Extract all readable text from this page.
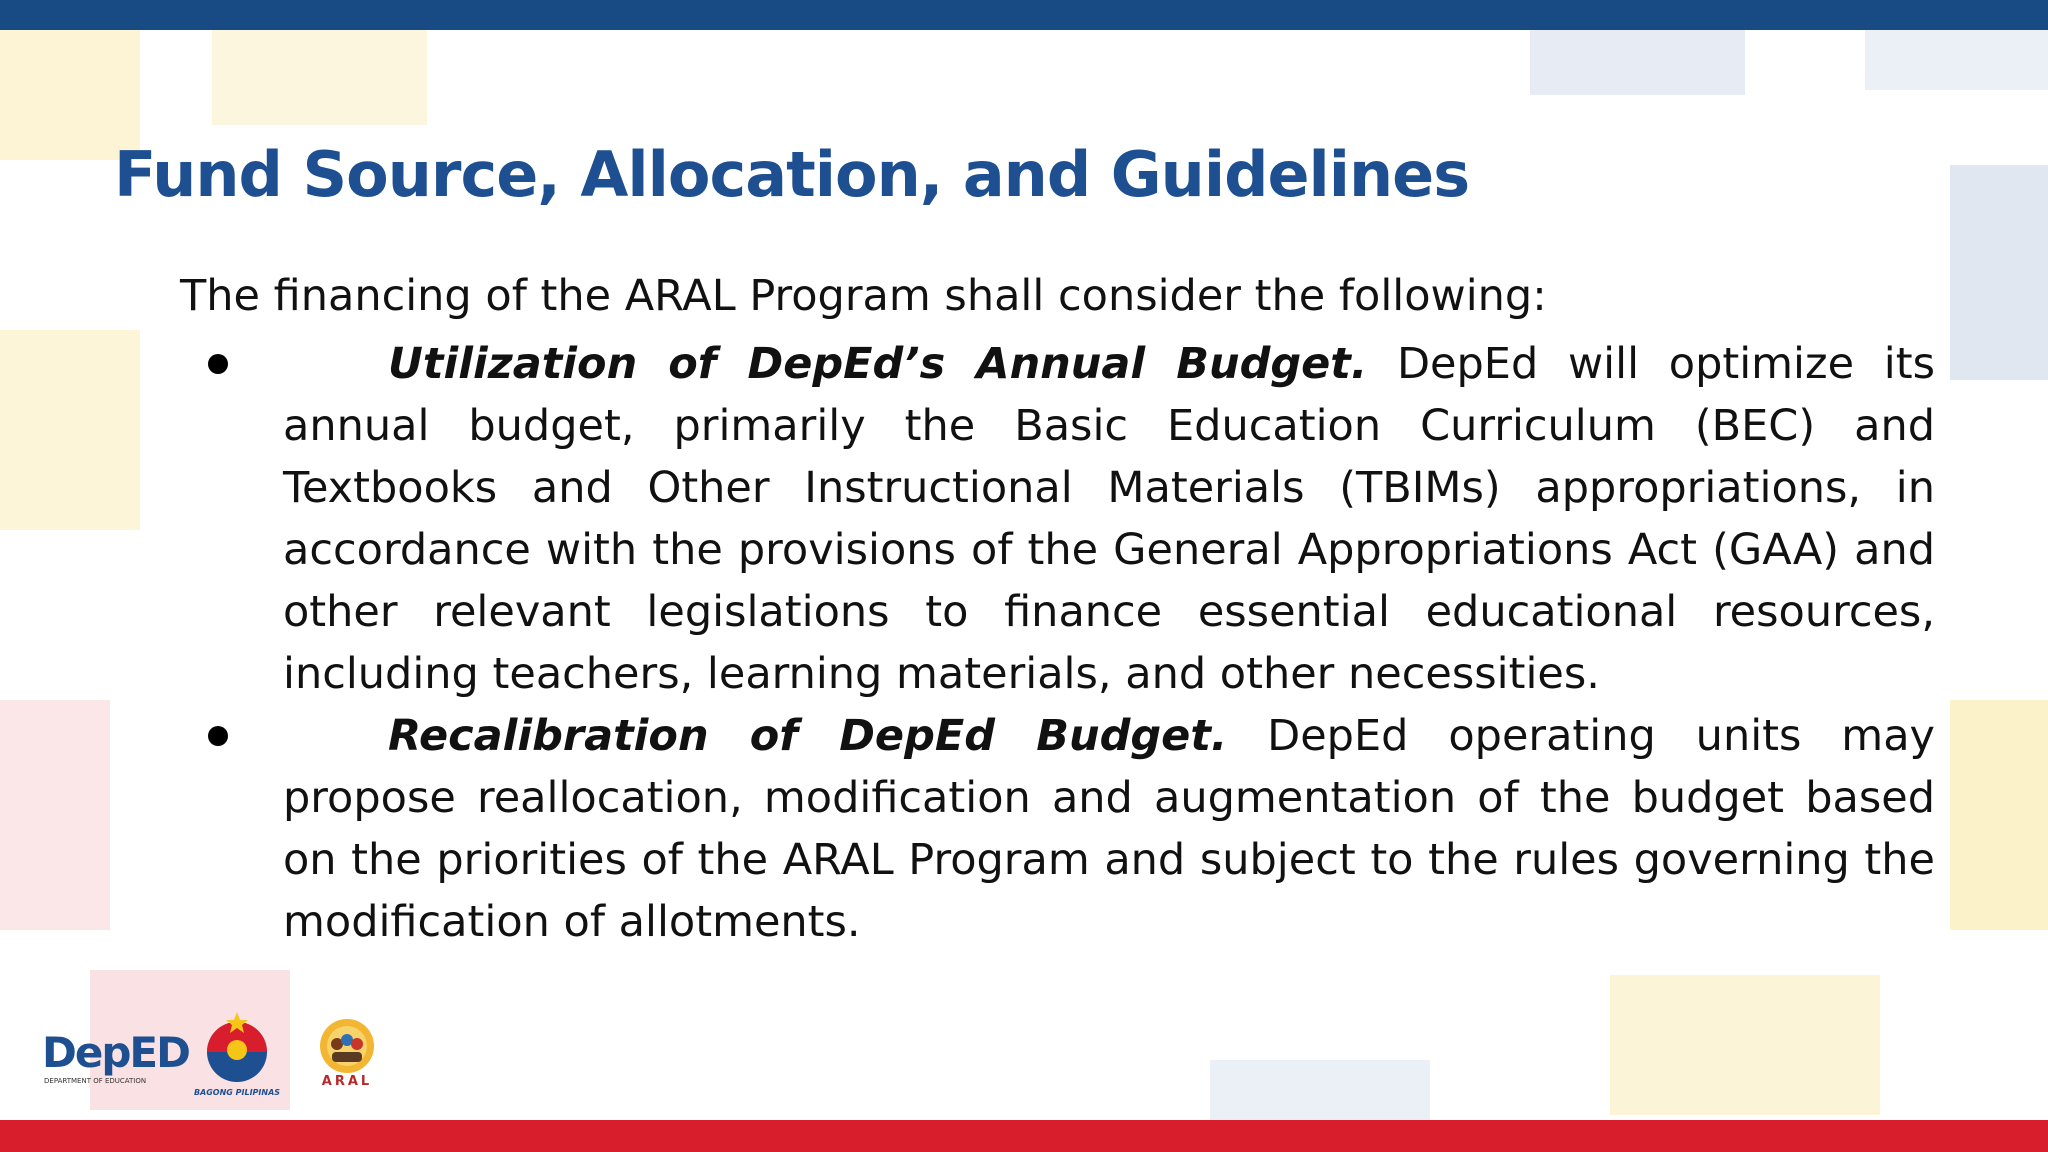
Fund Source, Allocation, and Guidelines

The financing of the ARAL Program shall consider the following:

Utilization of DepEd’s Annual Budget. DepEd will optimize its annual budget, primarily the Basic Education Curriculum (BEC) and Textbooks and Other Instructional Materials (TBIMs) appropriations, in accordance with the provisions of the General Appropriations Act (GAA) and other relevant legislations to finance essential educational resources, including teachers, learning materials, and other necessities.
Recalibration of DepEd Budget. DepEd operating units may propose reallocation, modification and augmentation of the budget based on the priorities of the ARAL Program and subject to the rules governing the modification of allotments.
DepED
DEPARTMENT OF EDUCATION
BAGONG PILIPINAS
ARAL
